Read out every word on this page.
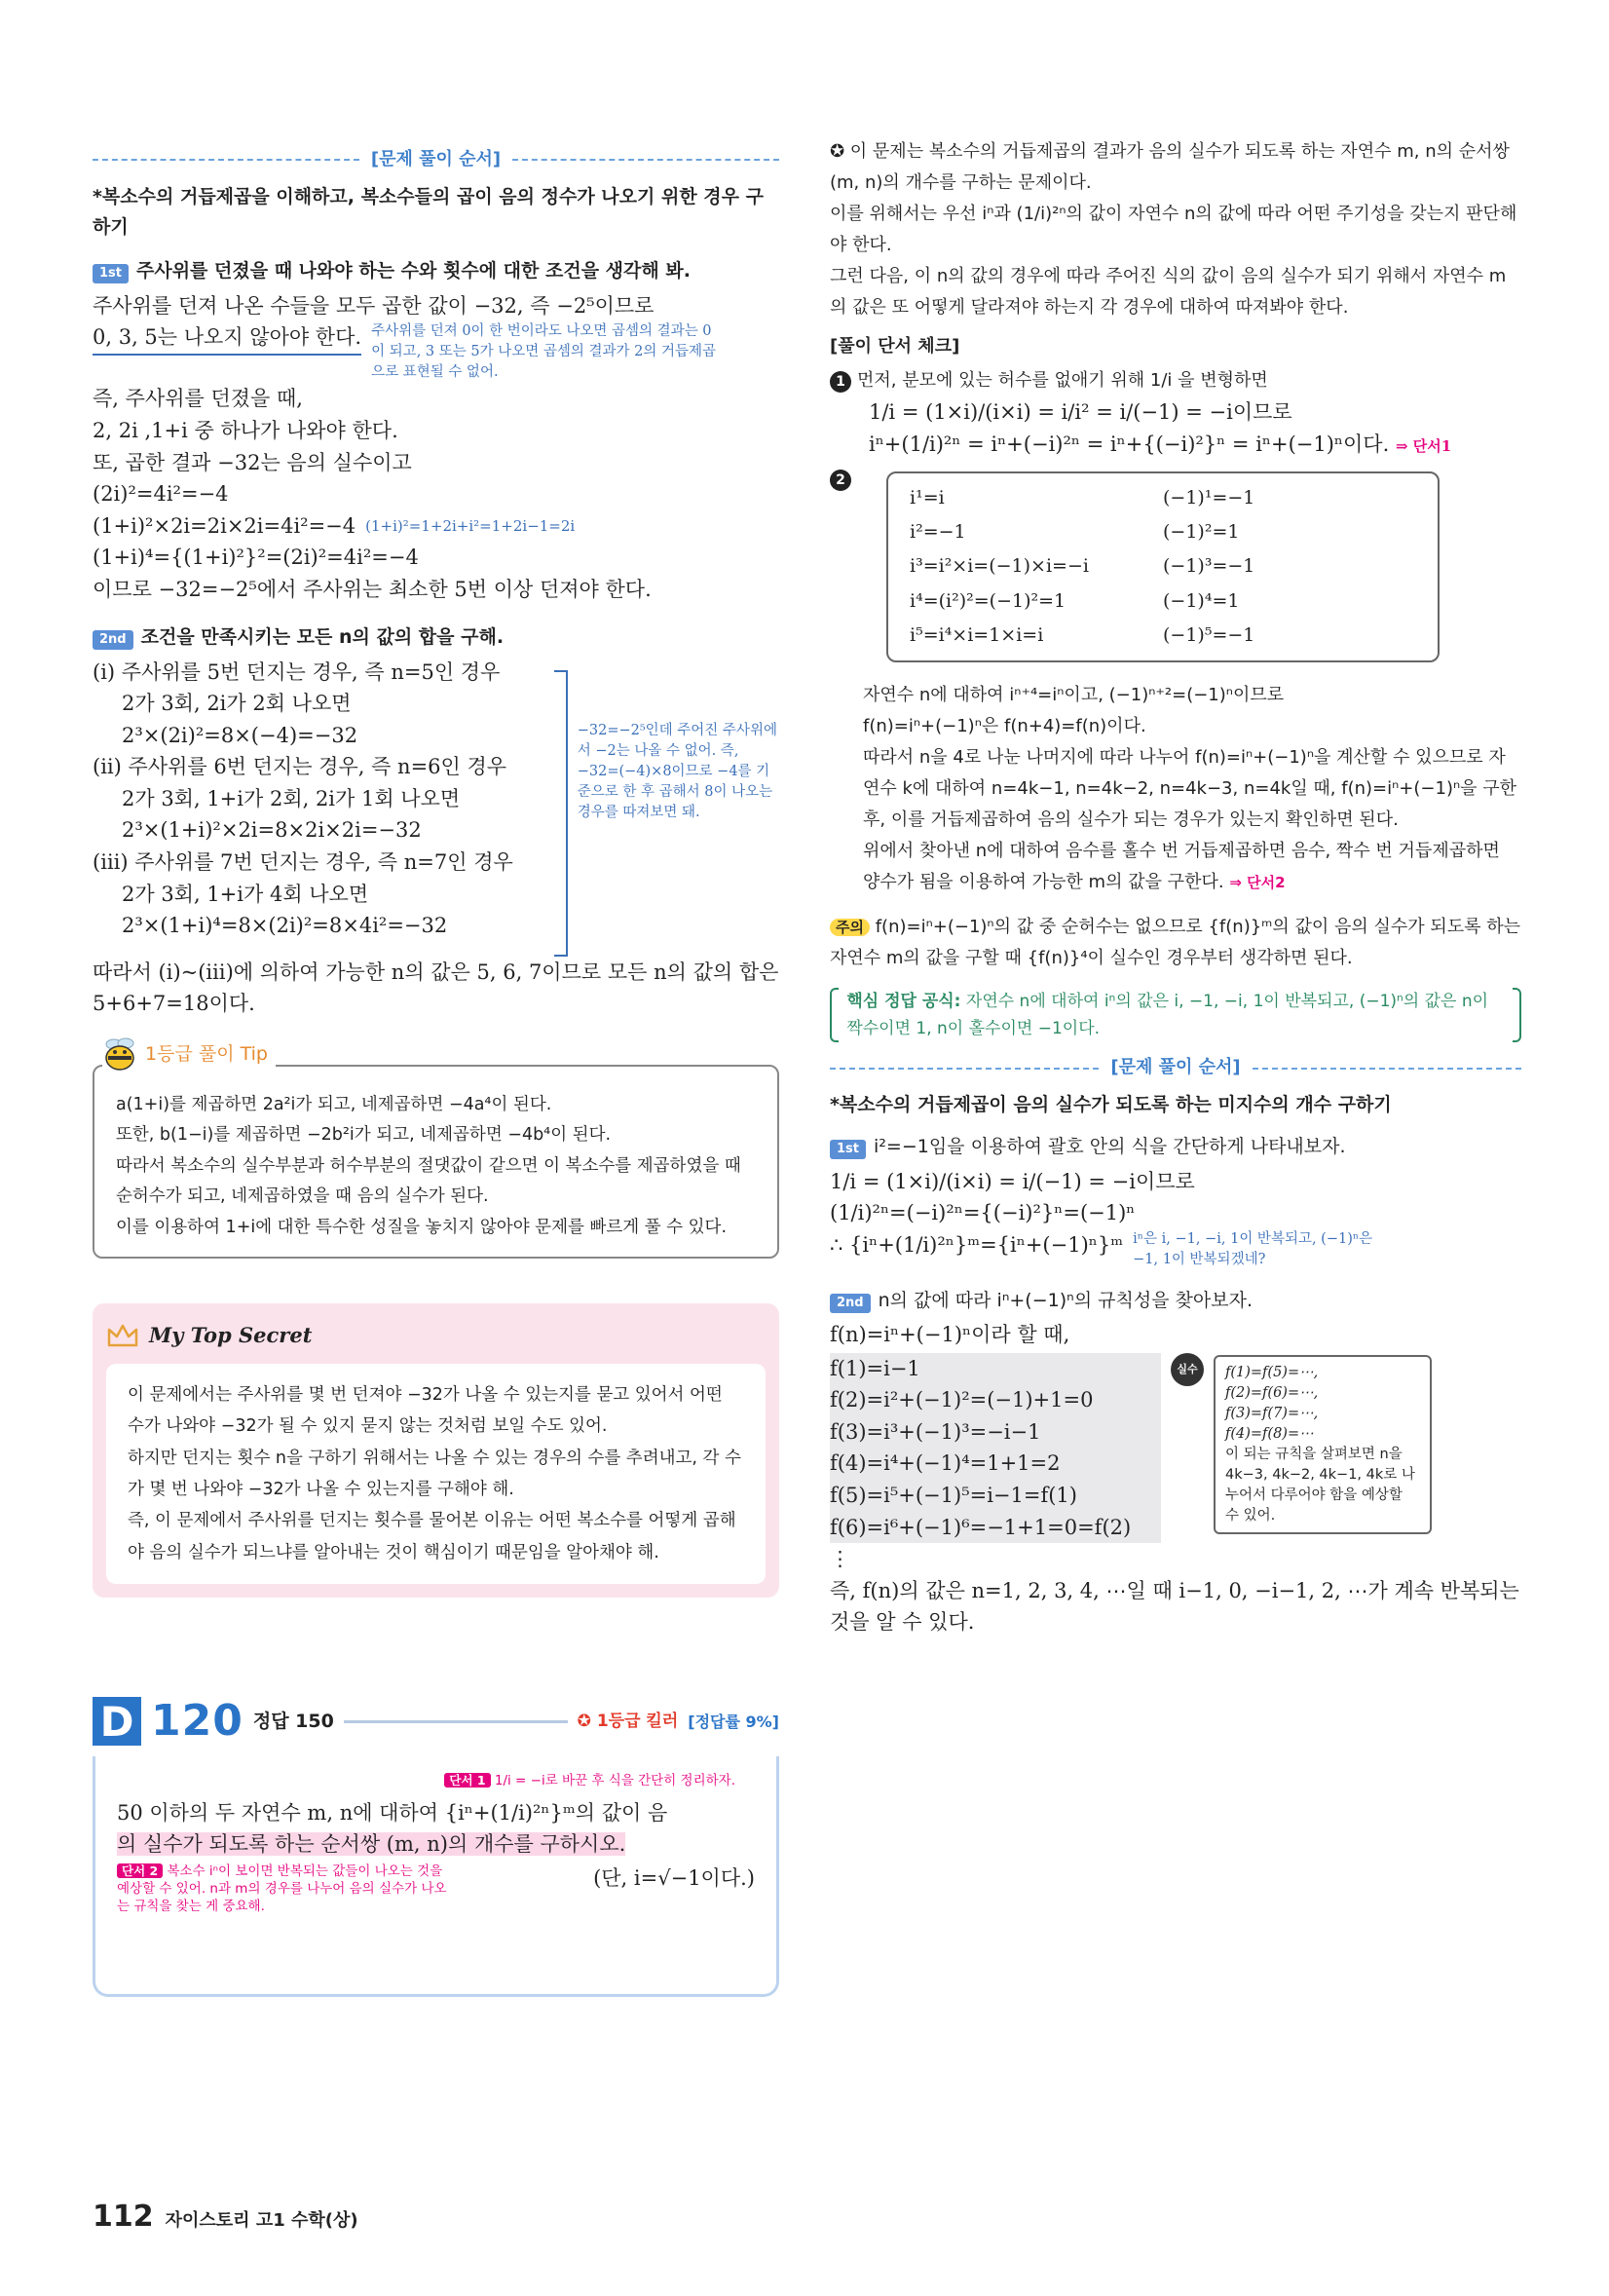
[문제 풀이 순서]
*복소수의 거듭제곱을 이해하고, 복소수들의 곱이 음의 정수가 나오기 위한 경우 구하기
1st 주사위를 던졌을 때 나와야 하는 수와 횟수에 대한 조건을 생각해 봐.
주사위를 던져 나온 수들을 모두 곱한 값이 −32, 즉 −2⁵이므로
0, 3, 5는 나오지 않아야 한다. 주사위를 던져 0이 한 번이라도 나오면 곱셈의 결과는 0이 되고, 3 또는 5가 나오면 곱셈의 결과가 2의 거듭제곱으로 표현될 수 없어.
즉, 주사위를 던졌을 때,
2, 2i ,1+i 중 하나가 나와야 한다.
또, 곱한 결과 −32는 음의 실수이고
(2i)²=4i²=−4
(1+i)²×2i=2i×2i=4i²=−4 (1+i)²=1+2i+i²=1+2i−1=2i
(1+i)⁴={(1+i)²}²=(2i)²=4i²=−4
이므로 −32=−2⁵에서 주사위는 최소한 5번 이상 던져야 한다.
2nd 조건을 만족시키는 모든 n의 값의 합을 구해.
(ⅰ) 주사위를 5번 던지는 경우, 즉 n=5인 경우
2가 3회, 2i가 2회 나오면
2³×(2i)²=8×(−4)=−32
(ⅱ) 주사위를 6번 던지는 경우, 즉 n=6인 경우
2가 3회, 1+i가 2회, 2i가 1회 나오면
2³×(1+i)²×2i=8×2i×2i=−32
(ⅲ) 주사위를 7번 던지는 경우, 즉 n=7인 경우
2가 3회, 1+i가 4회 나오면
2³×(1+i)⁴=8×(2i)²=8×4i²=−32
−32=−2⁵인데 주어진 주사위에서 −2는 나올 수 없어. 즉, −32=(−4)×8이므로 −4를 기준으로 한 후 곱해서 8이 나오는 경우를 따져보면 돼.
따라서 (ⅰ)~(ⅲ)에 의하여 가능한 n의 값은 5, 6, 7이므로 모든 n의 값의 합은 5+6+7=18이다.
1등급 풀이 Tip
a(1+i)를 제곱하면 2a²i가 되고, 네제곱하면 −4a⁴이 된다.
또한, b(1−i)를 제곱하면 −2b²i가 되고, 네제곱하면 −4b⁴이 된다.
따라서 복소수의 실수부분과 허수부분의 절댓값이 같으면 이 복소수를 제곱하였을 때 순허수가 되고, 네제곱하였을 때 음의 실수가 된다.
이를 이용하여 1+i에 대한 특수한 성질을 놓치지 않아야 문제를 빠르게 풀 수 있다.
My Top Secret
이 문제에서는 주사위를 몇 번 던져야 −32가 나올 수 있는지를 묻고 있어서 어떤 수가 나와야 −32가 될 수 있지 묻지 않는 것처럼 보일 수도 있어.
하지만 던지는 횟수 n을 구하기 위해서는 나올 수 있는 경우의 수를 추려내고, 각 수가 몇 번 나와야 −32가 나올 수 있는지를 구해야 해.
즉, 이 문제에서 주사위를 던지는 횟수를 물어본 이유는 어떤 복소수를 어떻게 곱해야 음의 실수가 되느냐를 알아내는 것이 핵심이기 때문임을 알아채야 해.
D 120 정답 150	✪ 1등급 킬러 [정답률 9%]
단서 1 1/i = −i로 바꾼 후 식을 간단히 정리하자.
50 이하의 두 자연수 m, n에 대하여 {iⁿ+(1/i)²ⁿ}ᵐ의 값이 음
의 실수가 되도록 하는 순서쌍 (m, n)의 개수를 구하시오.
단서 2 복소수 iⁿ이 보이면 반복되는 값들이 나오는 것을 예상할 수 있어. n과 m의 경우를 나누어 음의 실수가 나오는 규칙을 찾는 게 중요해.
(단, i=√−1이다.)
✪ 이 문제는 복소수의 거듭제곱의 결과가 음의 실수가 되도록 하는 자연수 m, n의 순서쌍 (m, n)의 개수를 구하는 문제이다.
이를 위해서는 우선 iⁿ과 (1/i)²ⁿ의 값이 자연수 n의 값에 따라 어떤 주기성을 갖는지 판단해야 한다.
그런 다음, 이 n의 값의 경우에 따라 주어진 식의 값이 음의 실수가 되기 위해서 자연수 m의 값은 또 어떻게 달라져야 하는지 각 경우에 대하여 따져봐야 한다.
[풀이 단서 체크]
1 먼저, 분모에 있는 허수를 없애기 위해 1/i 을 변형하면
1/i = (1×i)/(i×i) = i/i² = i/(−1) = −i이므로
iⁿ+(1/i)²ⁿ = iⁿ+(−i)²ⁿ = iⁿ+{(−i)²}ⁿ = iⁿ+(−1)ⁿ이다. ⇒ 단서1
2
i¹=i	(−1)¹=−1
i²=−1	(−1)²=1
i³=i²×i=(−1)×i=−i	(−1)³=−1
i⁴=(i²)²=(−1)²=1	(−1)⁴=1
i⁵=i⁴×i=1×i=i	(−1)⁵=−1
자연수 n에 대하여 iⁿ⁺⁴=iⁿ이고, (−1)ⁿ⁺²=(−1)ⁿ이므로
f(n)=iⁿ+(−1)ⁿ은 f(n+4)=f(n)이다.
따라서 n을 4로 나눈 나머지에 따라 나누어 f(n)=iⁿ+(−1)ⁿ을 계산할 수 있으므로 자연수 k에 대하여 n=4k−1, n=4k−2, n=4k−3, n=4k일 때, f(n)=iⁿ+(−1)ⁿ을 구한 후, 이를 거듭제곱하여 음의 실수가 되는 경우가 있는지 확인하면 된다.
위에서 찾아낸 n에 대하여 음수를 홀수 번 거듭제곱하면 음수, 짝수 번 거듭제곱하면 양수가 됨을 이용하여 가능한 m의 값을 구한다. ⇒ 단서2
주의 f(n)=iⁿ+(−1)ⁿ의 값 중 순허수는 없으므로 {f(n)}ᵐ의 값이 음의 실수가 되도록 하는 자연수 m의 값을 구할 때 {f(n)}⁴이 실수인 경우부터 생각하면 된다.
핵심 정답 공식: 자연수 n에 대하여 iⁿ의 값은 i, −1, −i, 1이 반복되고, (−1)ⁿ의 값은 n이 짝수이면 1, n이 홀수이면 −1이다.
[문제 풀이 순서]
*복소수의 거듭제곱이 음의 실수가 되도록 하는 미지수의 개수 구하기
1st i²=−1임을 이용하여 괄호 안의 식을 간단하게 나타내보자.
1/i = (1×i)/(i×i) = i/(−1) = −i이므로
(1/i)²ⁿ=(−i)²ⁿ={(−i)²}ⁿ=(−1)ⁿ
∴ {iⁿ+(1/i)²ⁿ}ᵐ={iⁿ+(−1)ⁿ}ᵐ iⁿ은 i, −1, −i, 1이 반복되고, (−1)ⁿ은 −1, 1이 반복되겠네?
2nd n의 값에 따라 iⁿ+(−1)ⁿ의 규칙성을 찾아보자.
f(n)=iⁿ+(−1)ⁿ이라 할 때,
f(1)=i−1
f(2)=i²+(−1)²=(−1)+1=0
f(3)=i³+(−1)³=−i−1
f(4)=i⁴+(−1)⁴=1+1=2
f(5)=i⁵+(−1)⁵=i−1=f(1)
f(6)=i⁶+(−1)⁶=−1+1=0=f(2)
⋮
실수	f(1)=f(5)=⋯,
f(2)=f(6)=⋯,
f(3)=f(7)=⋯,
f(4)=f(8)=⋯
이 되는 규칙을 살펴보면 n을 4k−3, 4k−2, 4k−1, 4k로 나누어서 다루어야 함을 예상할 수 있어.
즉, f(n)의 값은 n=1, 2, 3, 4, ⋯일 때 i−1, 0, −i−1, 2, ⋯가 계속 반복되는 것을 알 수 있다.
112 자이스토리 고1 수학(상)
